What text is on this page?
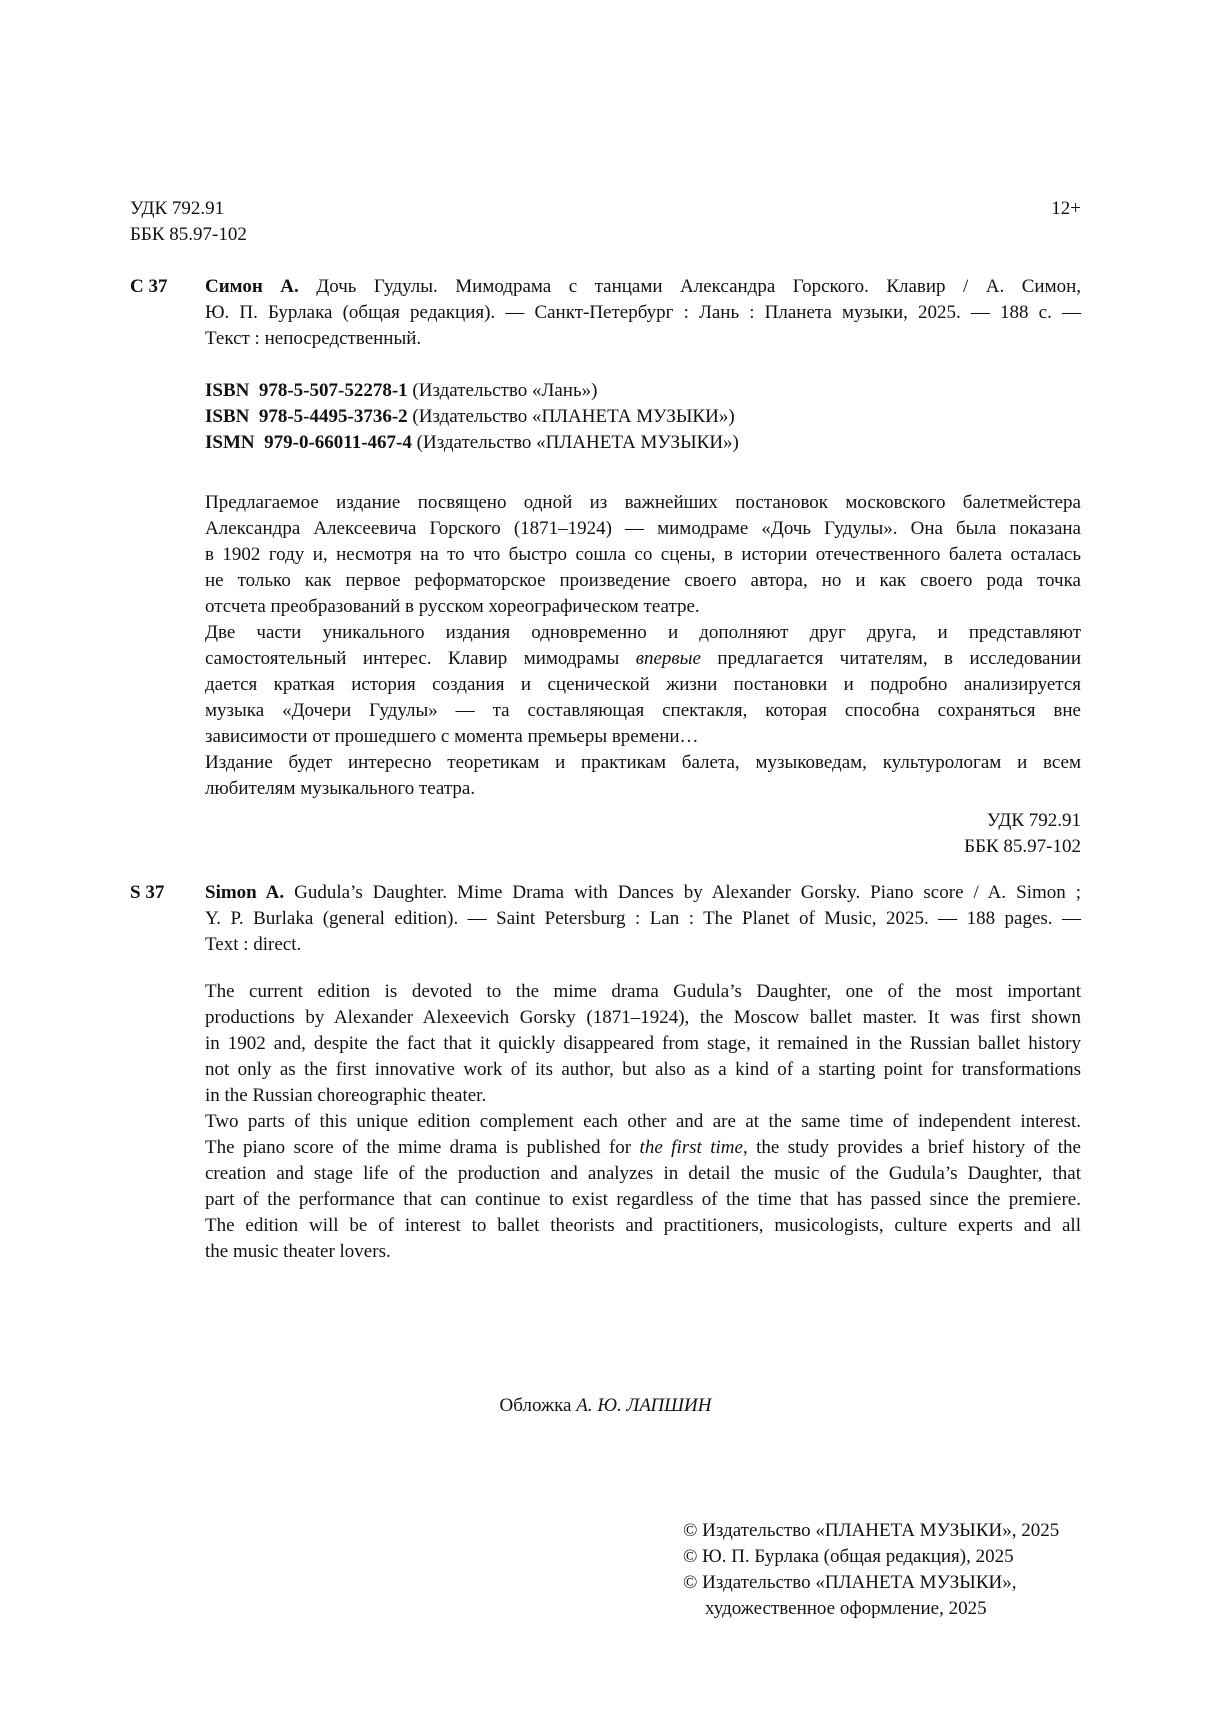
УДК 792.91
ББК 85.97-102
12+
С 37 Симон А. Дочь Гудулы. Мимодрама с танцами Александра Горского. Клавир / А. Симон,
Ю. П. Бурлака (общая редакция). — Санкт-Петербург : Лань : Планета музыки, 2025. — 188 с. —
Текст : непосредственный.
ISBN 978-5-507-52278-1 (Издательство «Лань»)
ISBN 978-5-4495-3736-2 (Издательство «ПЛАНЕТА МУЗЫКИ»)
ISMN 979-0-66011-467-4 (Издательство «ПЛАНЕТА МУЗЫКИ»)
Предлагаемое издание посвящено одной из важнейших постановок московского балетмейстера
Александра Алексеевича Горского (1871–1924) — мимодраме «Дочь Гудулы». Она была показана
в 1902 году и, несмотря на то что быстро сошла со сцены, в истории отечественного балета осталась
не только как первое реформаторское произведение своего автора, но и как своего рода точка
отсчета преобразований в русском хореографическом театре.
Две части уникального издания одновременно и дополняют друг друга, и представляют
самостоятельный интерес. Клавир мимодрамы впервые предлагается читателям, в исследовании
дается краткая история создания и сценической жизни постановки и подробно анализируется
музыка «Дочери Гудулы» — та составляющая спектакля, которая способна сохраняться вне
зависимости от прошедшего с момента премьеры времени…
Издание будет интересно теоретикам и практикам балета, музыковедам, культурологам и всем
любителям музыкального театра.
УДК 792.91
ББК 85.97-102
S 37 Simon A. Gudula’s Daughter. Mime Drama with Dances by Alexander Gorsky. Piano score / A. Simon ;
Y. P. Burlaka (general edition). — Saint Petersburg : Lan : The Planet of Music, 2025. — 188 pages. —
Text : direct.
The current edition is devoted to the mime drama Gudula’s Daughter, one of the most important
productions by Alexander Alexeevich Gorsky (1871–1924), the Moscow ballet master. It was first shown
in 1902 and, despite the fact that it quickly disappeared from stage, it remained in the Russian ballet history
not only as the first innovative work of its author, but also as a kind of a starting point for transformations
in the Russian choreographic theater.
Two parts of this unique edition complement each other and are at the same time of independent interest.
The piano score of the mime drama is published for the first time, the study provides a brief history of the
creation and stage life of the production and analyzes in detail the music of the Gudula’s Daughter, that
part of the performance that can continue to exist regardless of the time that has passed since the premiere.
The edition will be of interest to ballet theorists and practitioners, musicologists, culture experts and all
the music theater lovers.
Обложка А. Ю. ЛАПШИН
© Издательство «ПЛАНЕТА МУЗЫКИ», 2025
© Ю. П. Бурлака (общая редакция), 2025
© Издательство «ПЛАНЕТА МУЗЫКИ»,
художественное оформление, 2025
